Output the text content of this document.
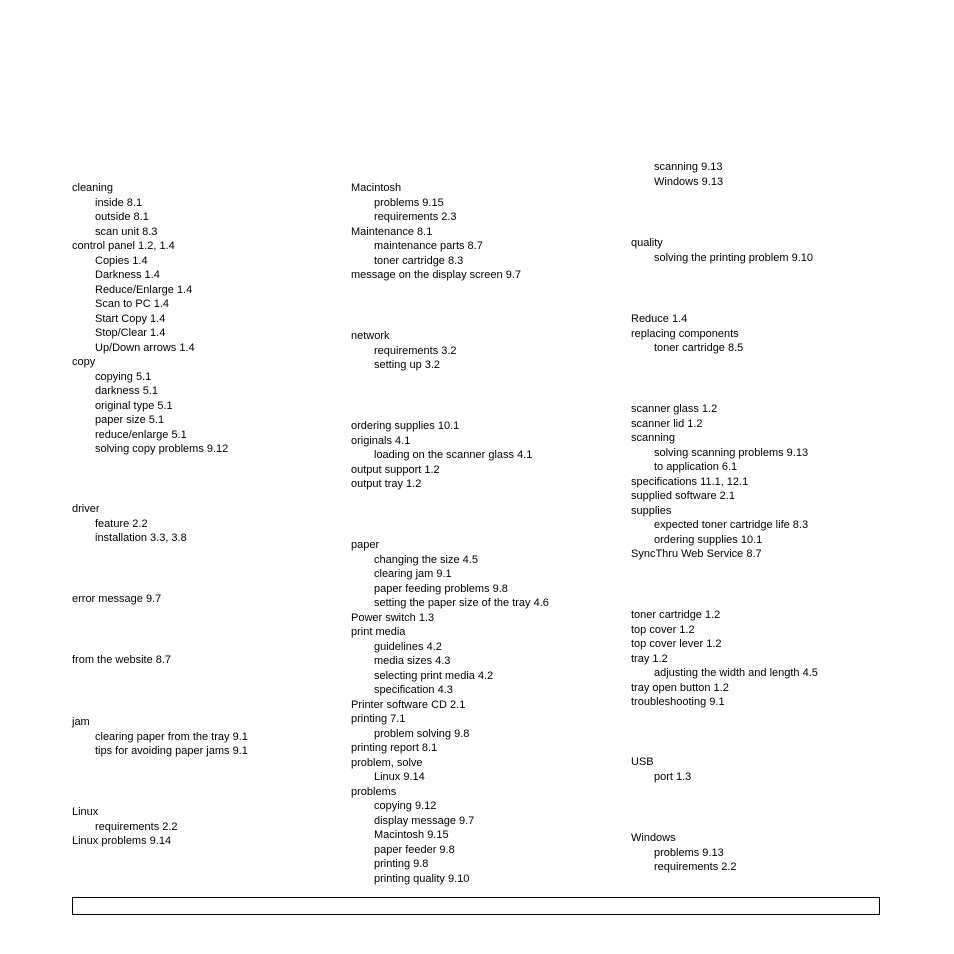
cleaning
inside 8.1
outside 8.1
scan unit 8.3
control panel 1.2, 1.4
Copies 1.4
Darkness 1.4
Reduce/Enlarge 1.4
Scan to PC 1.4
Start Copy 1.4
Stop/Clear 1.4
Up/Down arrows 1.4
copy
copying 5.1
darkness 5.1
original type 5.1
paper size 5.1
reduce/enlarge 5.1
solving copy problems 9.12
driver
feature 2.2
installation 3.3, 3.8
error message 9.7
from the website 8.7
jam
clearing paper from the tray 9.1
tips for avoiding paper jams 9.1
Linux
requirements 2.2
Linux problems 9.14
Macintosh
problems 9.15
requirements 2.3
Maintenance 8.1
maintenance parts 8.7
toner cartridge 8.3
message on the display screen 9.7
network
requirements 3.2
setting up 3.2
ordering supplies 10.1
originals 4.1
loading on the scanner glass 4.1
output support 1.2
output tray 1.2
paper
changing the size 4.5
clearing jam 9.1
paper feeding problems 9.8
setting the paper size of the tray 4.6
Power switch 1.3
print media
guidelines 4.2
media sizes 4.3
selecting print media 4.2
specification 4.3
Printer software CD 2.1
printing 7.1
problem solving 9.8
printing report 8.1
problem, solve
Linux 9.14
problems
copying 9.12
display message 9.7
Macintosh 9.15
paper feeder 9.8
printing 9.8
printing quality 9.10
scanning 9.13
Windows 9.13
quality
solving the printing problem 9.10
Reduce 1.4
replacing components
toner cartridge 8.5
scanner glass 1.2
scanner lid 1.2
scanning
solving scanning problems 9.13
to application 6.1
specifications 11.1, 12.1
supplied software 2.1
supplies
expected toner cartridge life 8.3
ordering supplies 10.1
SyncThru Web Service 8.7
toner cartridge 1.2
top cover 1.2
top cover lever 1.2
tray 1.2
adjusting the width and length 4.5
tray open button 1.2
troubleshooting 9.1
USB
port 1.3
Windows
problems 9.13
requirements 2.2
